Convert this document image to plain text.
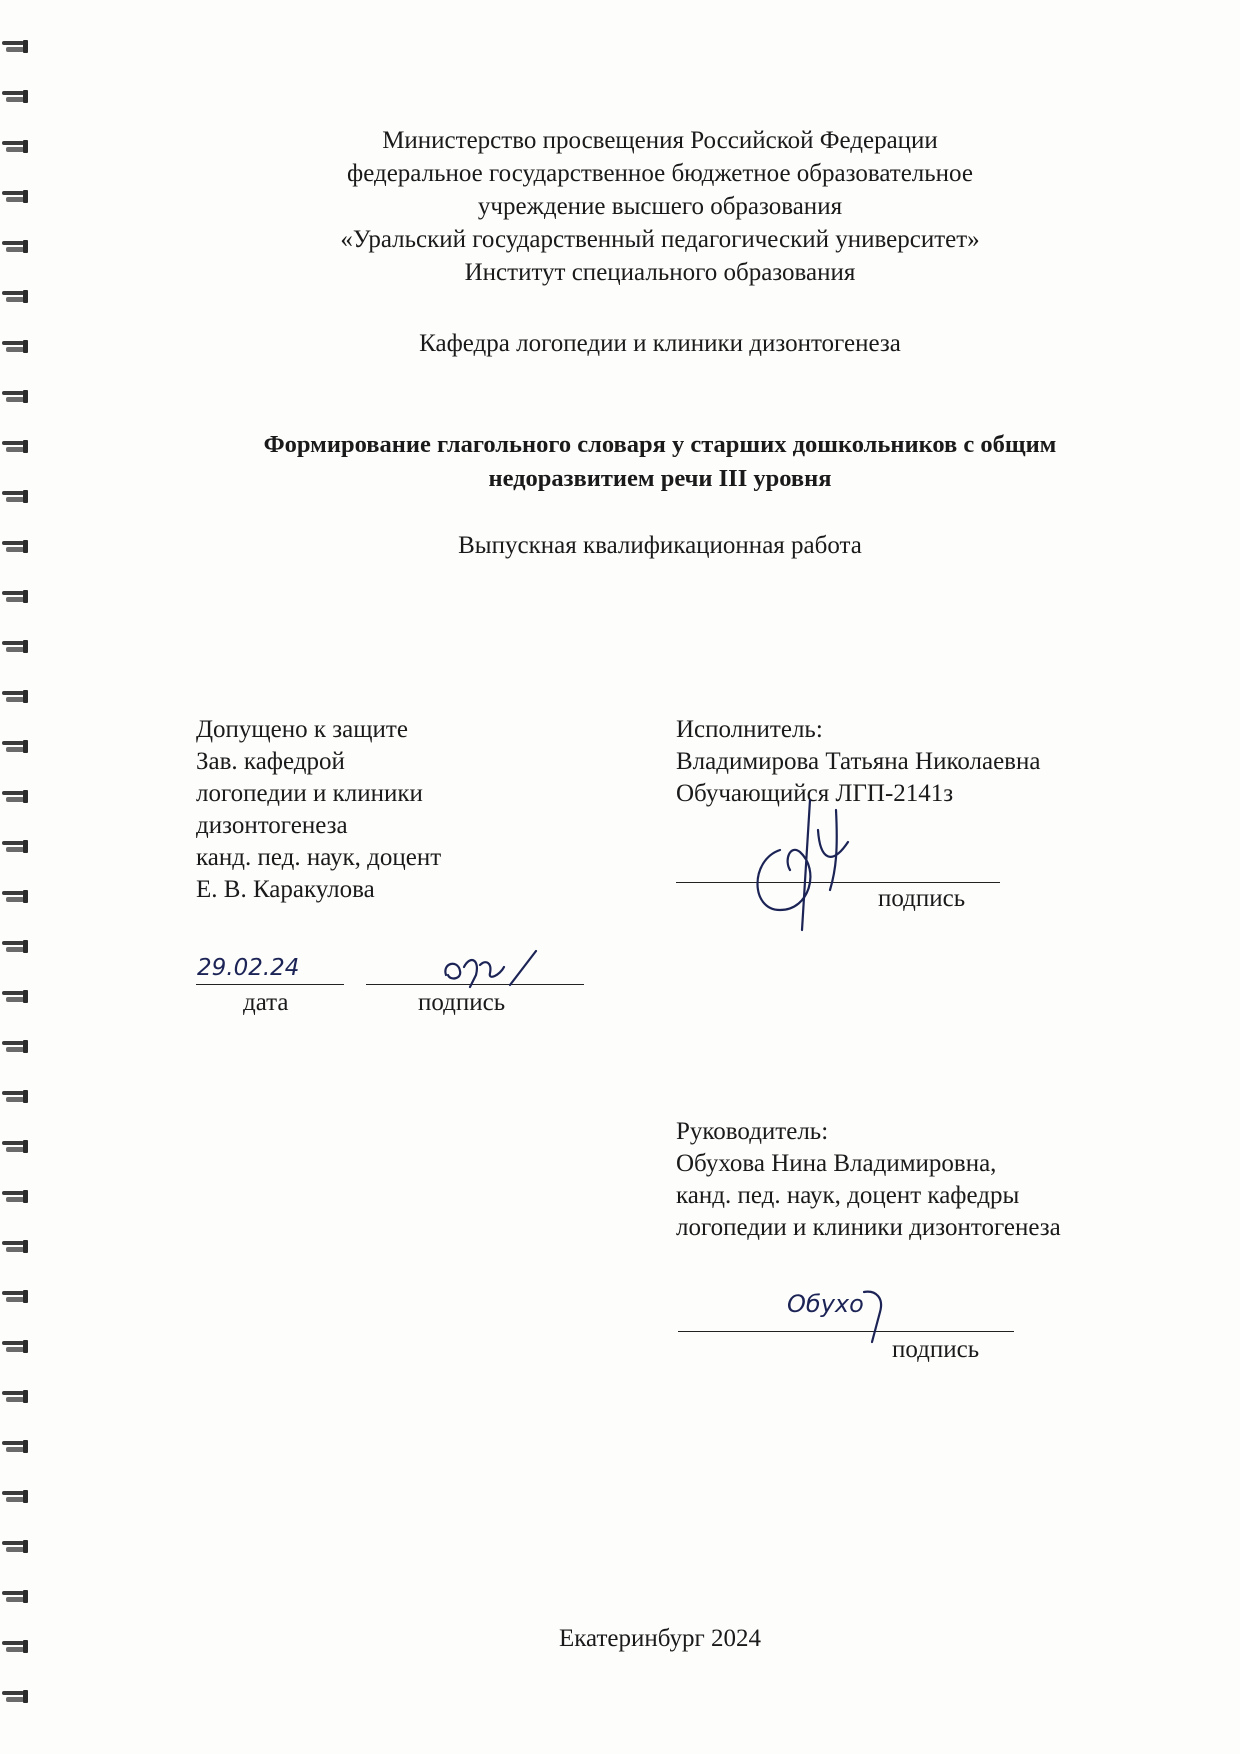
Министерство просвещения Российской Федерации
федеральное государственное бюджетное образовательное
учреждение высшего образования
«Уральский государственный педагогический университет»
Институт специального образования
Кафедра логопедии и клиники дизонтогенеза
Формирование глагольного словаря у старших дошкольников с общим
недоразвитием речи III уровня
Выпускная квалификационная работа
Допущено к защите
Зав. кафедрой
логопедии и клиники
дизонтогенеза
канд. пед. наук, доцент
Е. В. Каракулова
29.02.24
дата	подпись
Исполнитель:
Владимирова Татьяна Николаевна
Обучающийся ЛГП-2141з
подпись
Руководитель:
Обухова Нина Владимировна,
канд. пед. наук, доцент кафедры
логопедии и клиники дизонтогенеза
подпись
Обухо
Екатеринбург 2024
